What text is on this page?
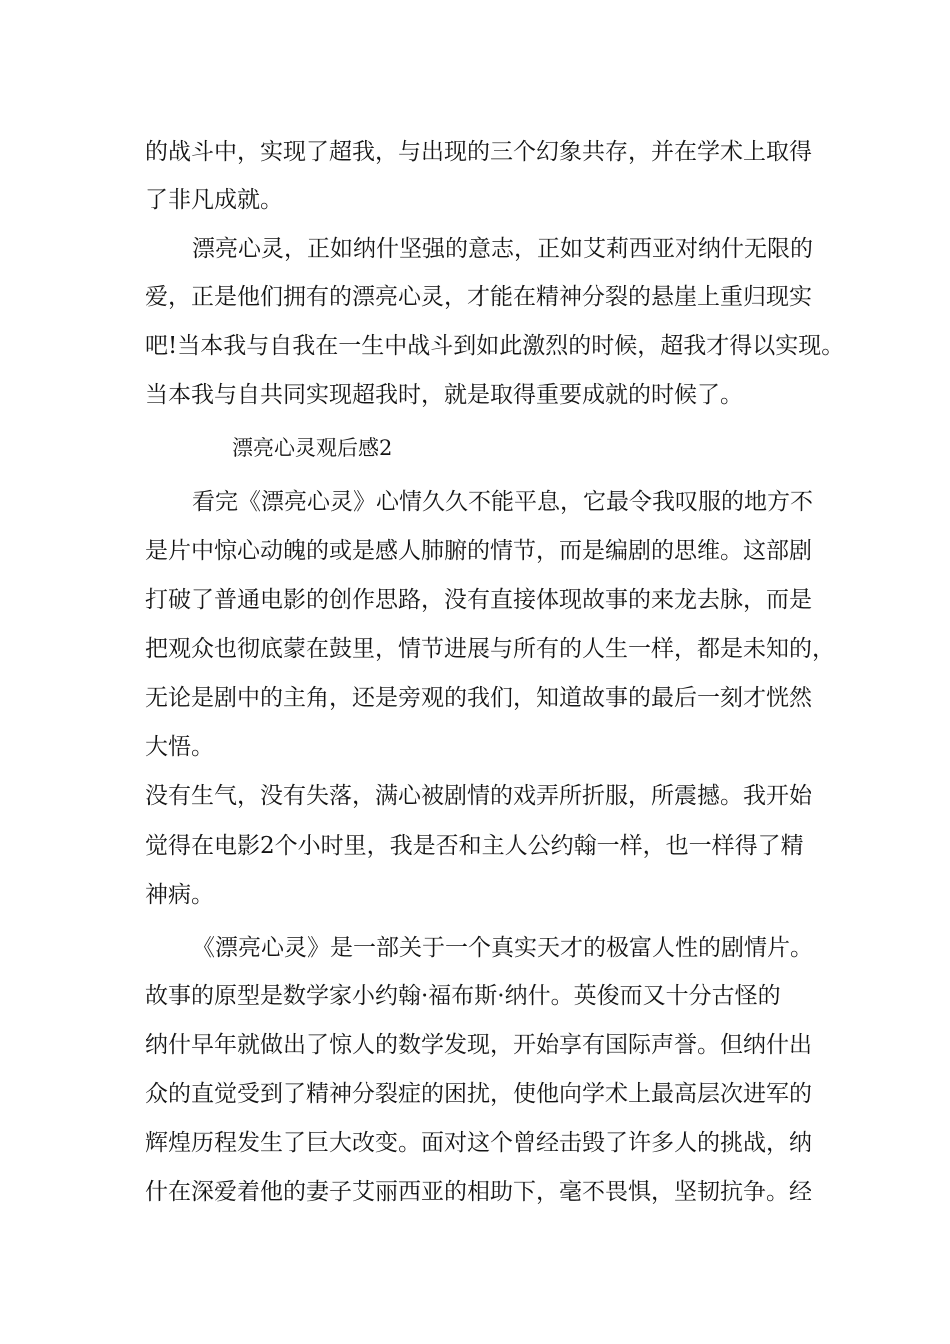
的战斗中，实现了超我，与出现的三个幻象共存，并在学术上取得
了非凡成就。
漂亮心灵，正如纳什坚强的意志，正如艾莉西亚对纳什无限的
爱，正是他们拥有的漂亮心灵，才能在精神分裂的悬崖上重归现实
吧!当本我与自我在一生中战斗到如此激烈的时候，超我才得以实现。
当本我与自共同实现超我时，就是取得重要成就的时候了。
漂亮心灵观后感2
看完《漂亮心灵》心情久久不能平息，它最令我叹服的地方不
是片中惊心动魄的或是感人肺腑的情节，而是编剧的思维。这部剧
打破了普通电影的创作思路，没有直接体现故事的来龙去脉，而是
把观众也彻底蒙在鼓里，情节进展与所有的人生一样，都是未知的，
无论是剧中的主角，还是旁观的我们，知道故事的最后一刻才恍然
大悟。
没有生气，没有失落，满心被剧情的戏弄所折服，所震撼。我开始
觉得在电影2个小时里，我是否和主人公约翰一样，也一样得了精
神病。
《漂亮心灵》是一部关于一个真实天才的极富人性的剧情片。
故事的原型是数学家小约翰·福布斯·纳什。英俊而又十分古怪的
纳什早年就做出了惊人的数学发现，开始享有国际声誉。但纳什出
众的直觉受到了精神分裂症的困扰，使他向学术上最高层次进军的
辉煌历程发生了巨大改变。面对这个曾经击毁了许多人的挑战，纳
什在深爱着他的妻子艾丽西亚的相助下，毫不畏惧，坚韧抗争。经
